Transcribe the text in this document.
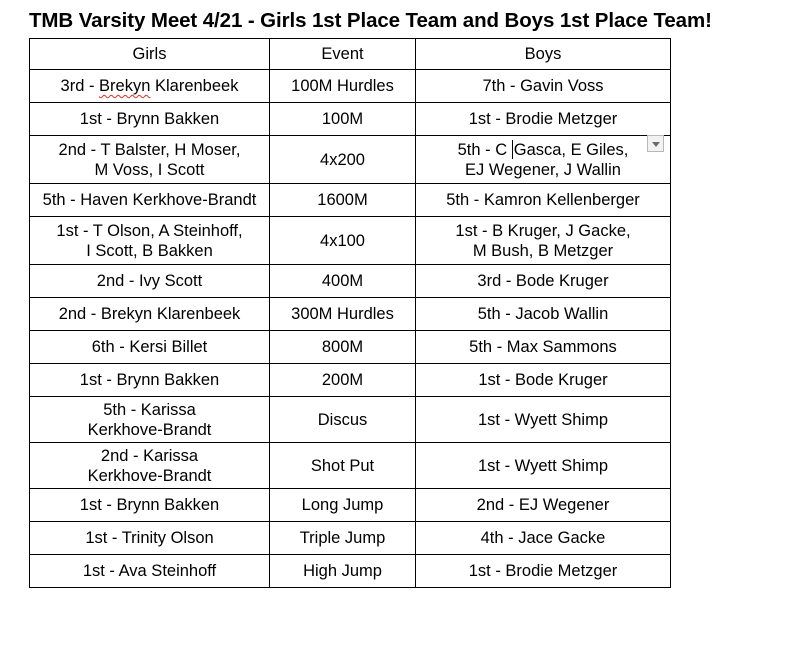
TMB Varsity Meet 4/21 - Girls 1st Place Team and Boys 1st Place Team!
Girls	Event	Boys
3rd - Brekyn Klarenbeek	100M Hurdles	7th - Gavin Voss
1st - Brynn Bakken	100M	1st - Brodie Metzger

2nd - T Balster, H Moser,
M Voss, I Scott	4x200	5th - C Gasca, E Giles,
EJ Wegener, J Wallin

5th - Haven Kerkhove-Brandt	1600M	5th - Kamron Kellenberger

1st - T Olson, A Steinhoff,
I Scott, B Bakken	4x100	1st - B Kruger, J Gacke,
M Bush, B Metzger

2nd - Ivy Scott	400M	3rd - Bode Kruger
2nd - Brekyn Klarenbeek	300M Hurdles	5th - Jacob Wallin
6th - Kersi Billet	800M	5th - Max Sammons
1st - Brynn Bakken	200M	1st - Bode Kruger

5th - Karissa
Kerkhove-Brandt	Discus	1st - Wyett Shimp

2nd - Karissa
Kerkhove-Brandt	Shot Put	1st - Wyett Shimp
1st - Brynn Bakken	Long Jump	2nd - EJ Wegener
1st - Trinity Olson	Triple Jump	4th - Jace Gacke
1st - Ava Steinhoff	High Jump	1st - Brodie Metzger
